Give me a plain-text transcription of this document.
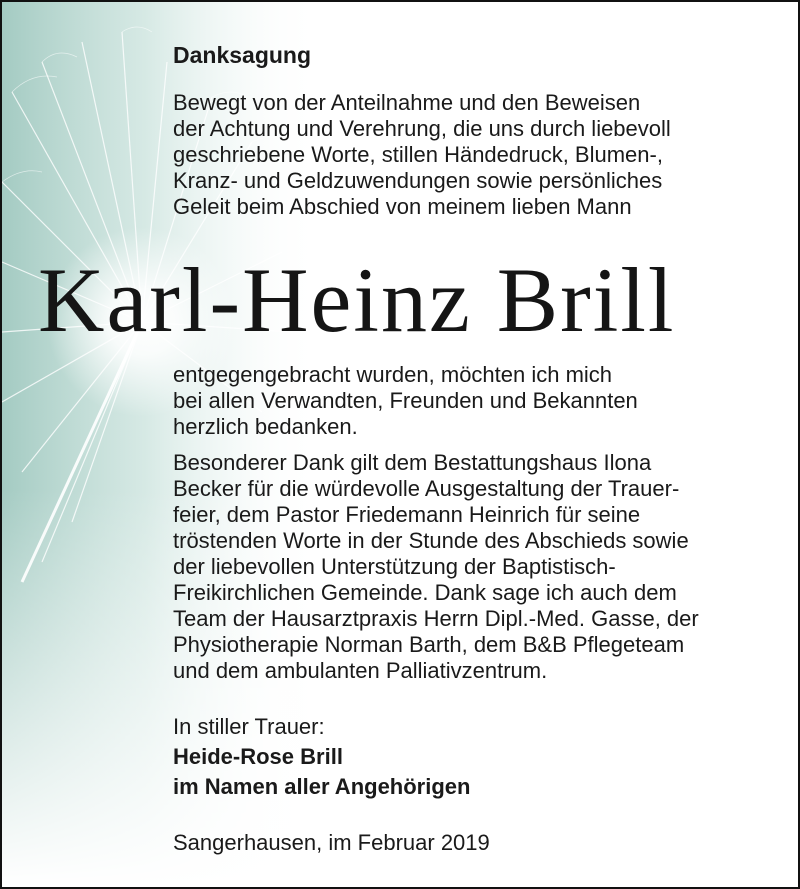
Danksagung
Bewegt von der Anteilnahme und den Beweisen
der Achtung und Verehrung, die uns durch liebevoll
geschriebene Worte, stillen Händedruck, Blumen-,
Kranz- und Geldzuwendungen sowie persönliches
Geleit beim Abschied von meinem lieben Mann
Karl-Heinz Brill
entgegengebracht wurden, möchten ich mich
bei allen Verwandten, Freunden und Bekannten
herzlich bedanken.
Besonderer Dank gilt dem Bestattungshaus Ilona
Becker für die würdevolle Ausgestaltung der Trauer-
feier, dem Pastor Friedemann Heinrich für seine
tröstenden Worte in der Stunde des Abschieds sowie
der liebevollen Unterstützung der Baptistisch-
Freikirchlichen Gemeinde. Dank sage ich auch dem
Team der Hausarztpraxis Herrn Dipl.-Med. Gasse, der
Physiotherapie Norman Barth, dem B&B Pflegeteam
und dem ambulanten Palliativzentrum.
In stiller Trauer:
Heide-Rose Brill
im Namen aller Angehörigen
Sangerhausen, im Februar 2019
